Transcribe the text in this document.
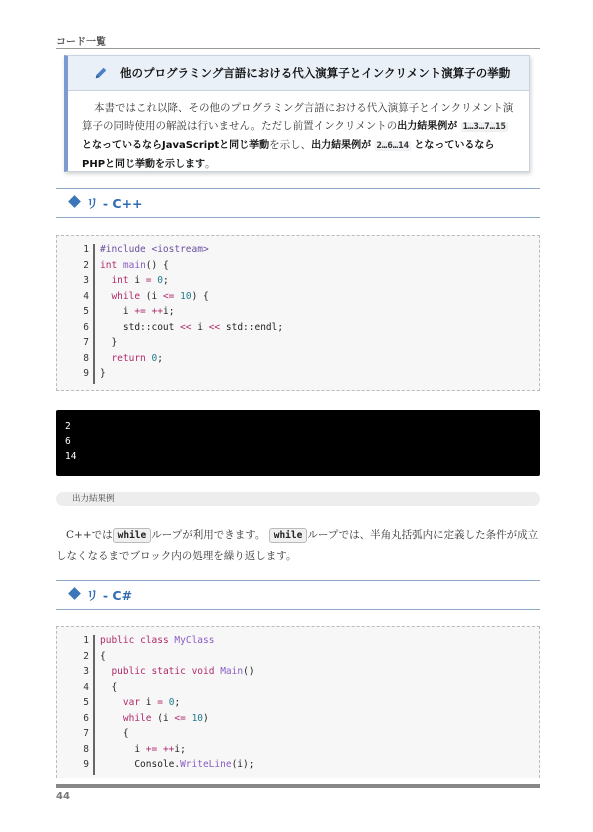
コード一覧
他のプログラミング言語における代入演算子とインクリメント演算子の挙動
本書ではこれ以降、その他のプログラミング言語における代入演算子とインクリメント演算子の同時使用の解説は行いません。ただし前置インクリメントの出力結果例が 1…3…7…15 となっているならJavaScriptと同じ挙動を示し、出力結果例が 2…6…14 となっているならPHPと同じ挙動を示します。
リ - C++
1 #include <iostream>
2 int main() {
3	int i = 0;
4	while (i <= 10) {
5 i += ++i;
6 std::cout << i << std::endl;
7 }
8	return 0;
9 }
2
6
14
出力結果例
C++では while ループが利用できます。 while ループでは、半角丸括弧内に定義した条件が成立しなくなるまでブロック内の処理を繰り返します。
リ - C#
1 public class MyClass
2 {
3	public static void Main()
4 {
5	var i = 0;
6	while (i <= 10)
7 {
8 i += ++i;
9 Console.WriteLine(i);
44
